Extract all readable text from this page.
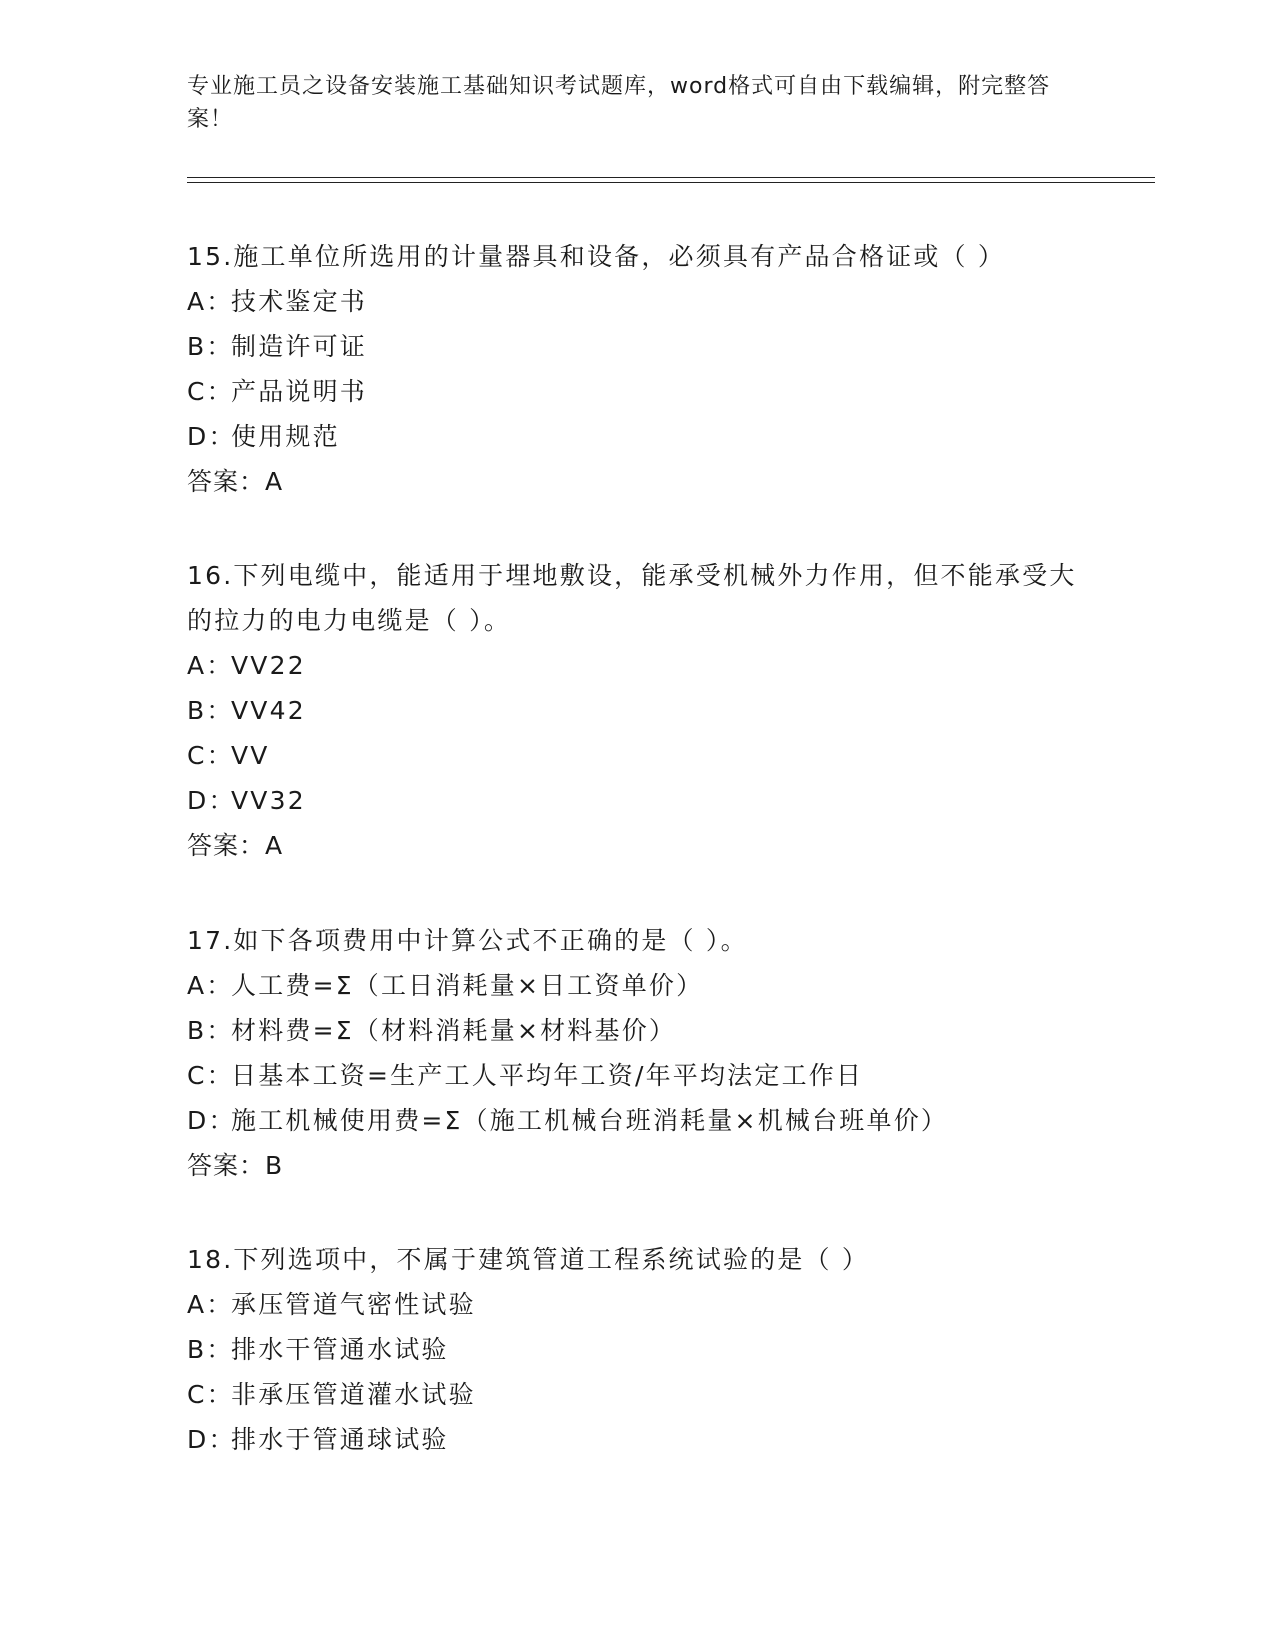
专业施工员之设备安装施工基础知识考试题库，word格式可自由下载编辑，附完整答案！

15.施工单位所选用的计量器具和设备，必须具有产品合格证或（ ）

A：技术鉴定书

B：制造许可证

C：产品说明书

D：使用规范

答案：A

16.下列电缆中，能适用于埋地敷设，能承受机械外力作用，但不能承受大的拉力的电力电缆是（ ）。

A：VV22

B：VV42

C：VV

D：VV32

答案：A

17.如下各项费用中计算公式不正确的是（ ）。

A：人工费=Σ（工日消耗量×日工资单价）

B：材料费=Σ（材料消耗量×材料基价）

C：日基本工资=生产工人平均年工资/年平均法定工作日

D：施工机械使用费=Σ（施工机械台班消耗量×机械台班单价）

答案：B

18.下列选项中，不属于建筑管道工程系统试验的是（ ）

A：承压管道气密性试验

B：排水干管通水试验

C：非承压管道灌水试验

D：排水于管通球试验
